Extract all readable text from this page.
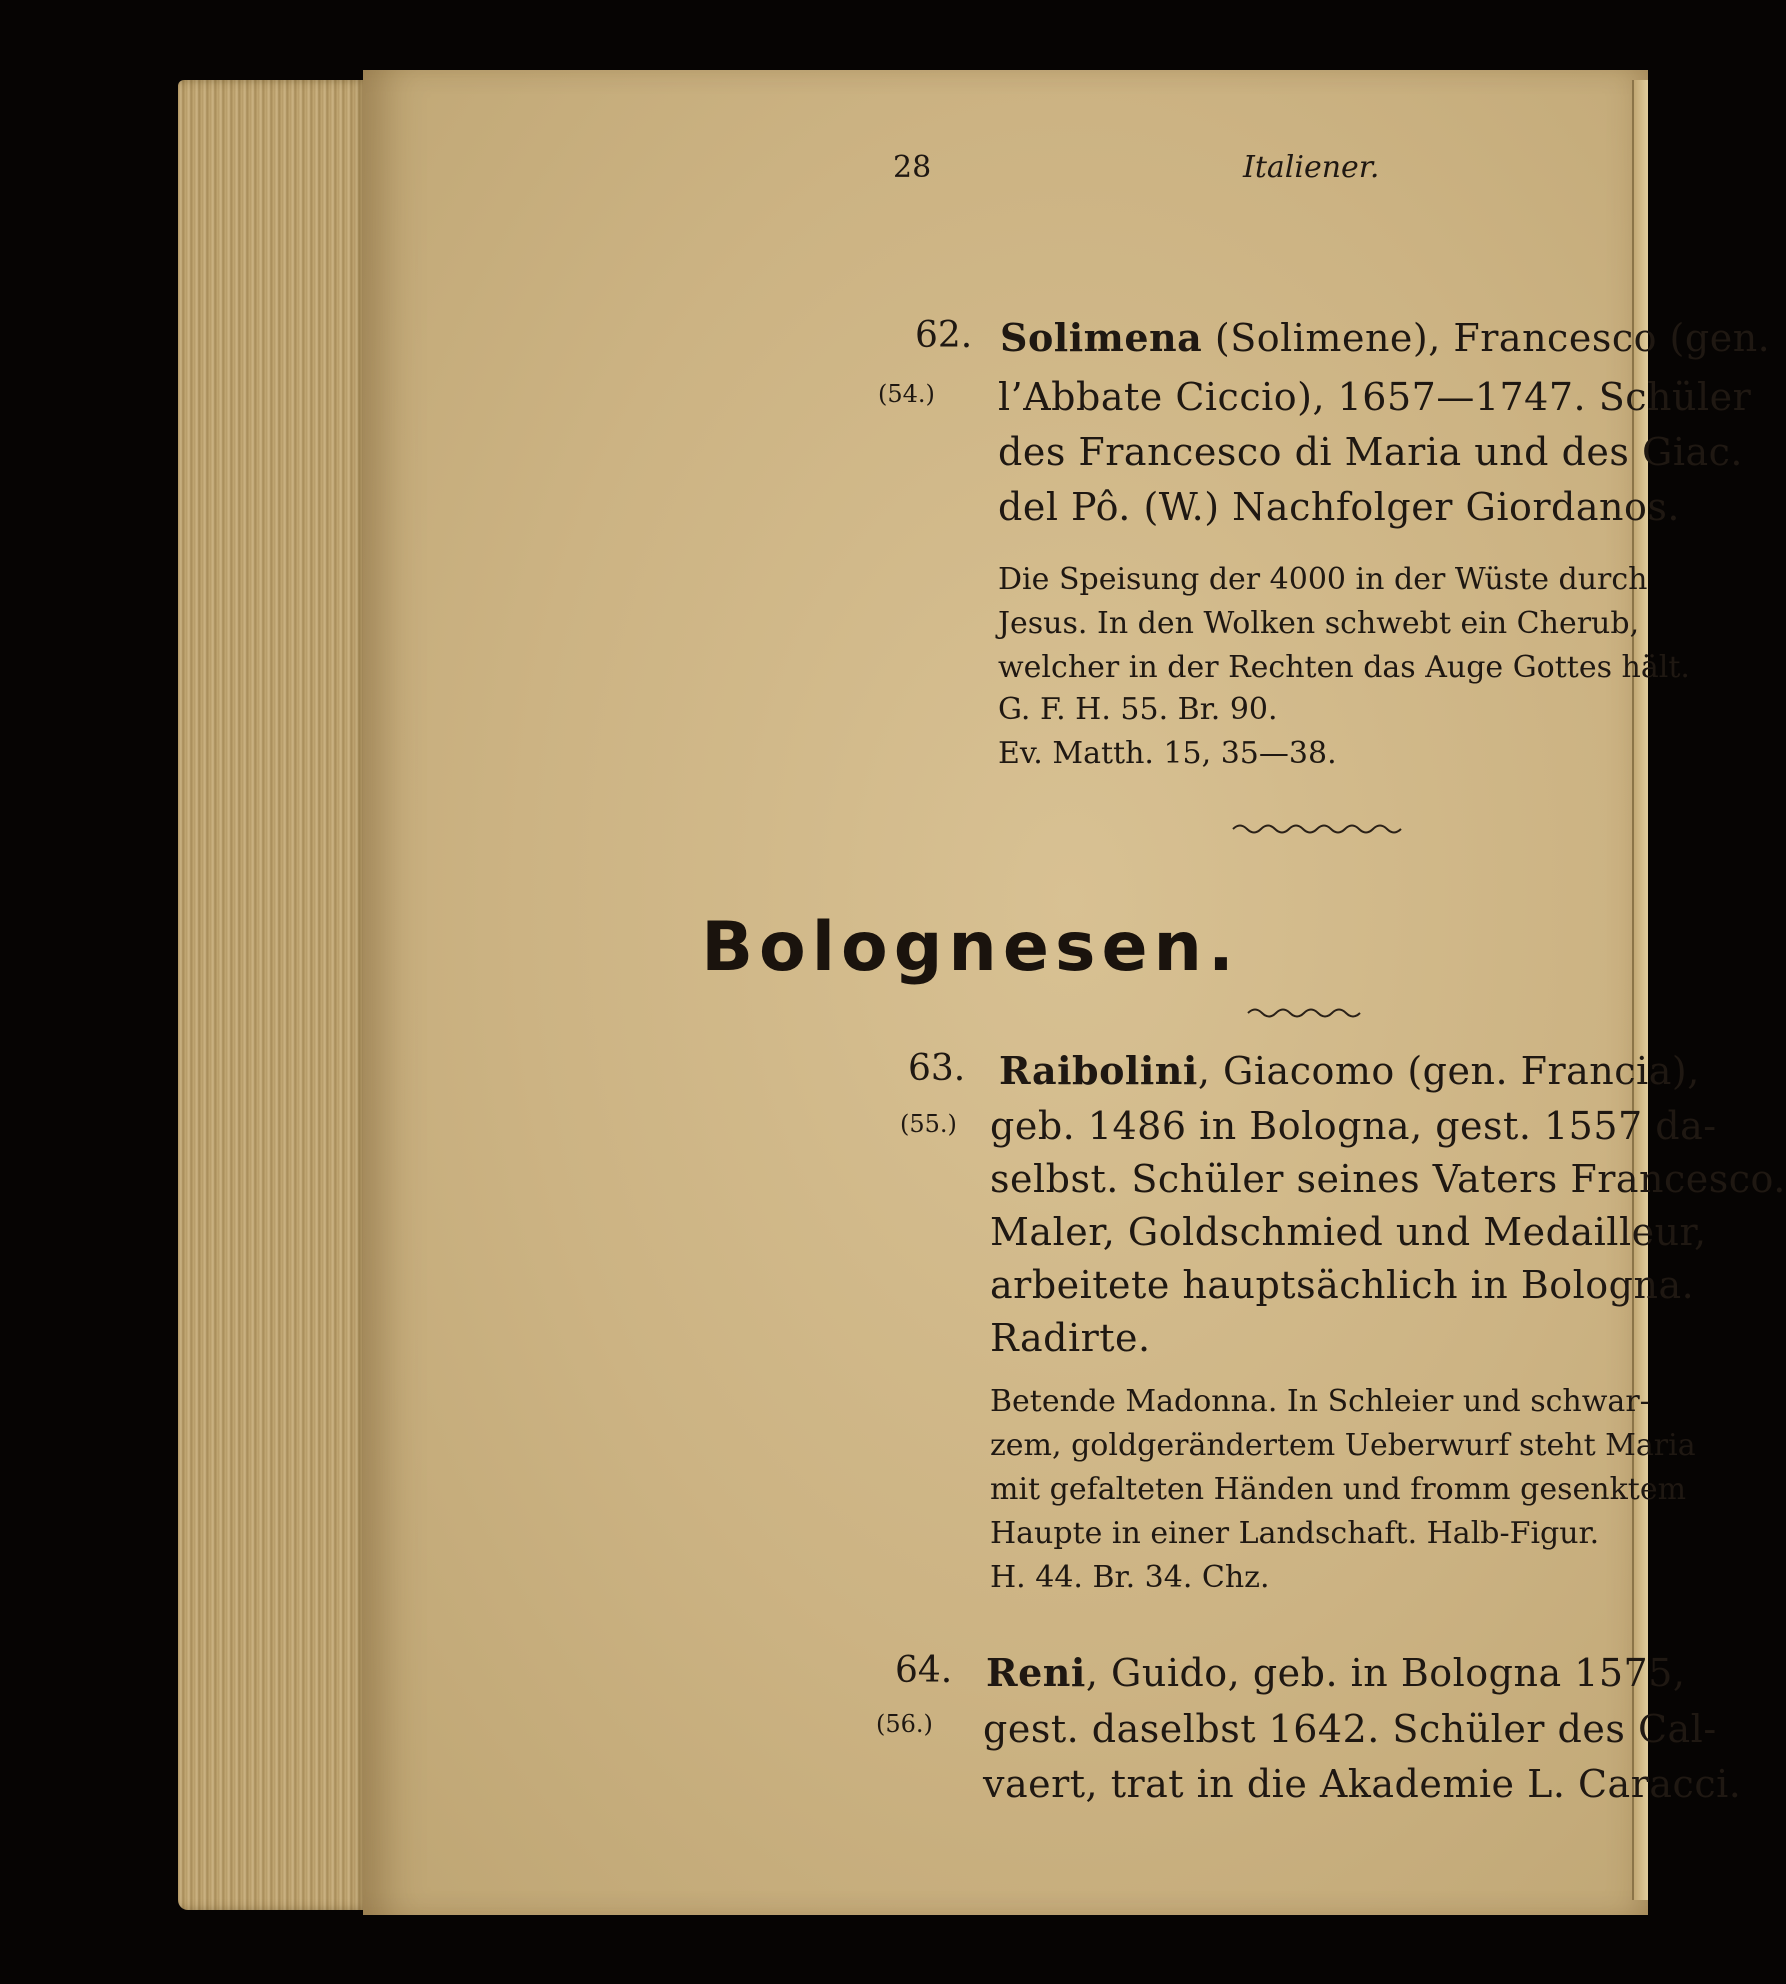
28	Italiener.
62.
(54.)
Solimena (Solimene), Francesco (gen.
l’Abbate Ciccio), 1657—1747. Schüler
des Francesco di Maria und des Giac.
del Pô. (W.) Nachfolger Giordanos.
Die Speisung der 4000 in der Wüste durch
Jesus. In den Wolken schwebt ein Cherub,
welcher in der Rechten das Auge Gottes hält.
G. F. H. 55. Br. 90.
Ev. Matth. 15, 35—38.
Bolognesen.
63.
(55.)
Raibolini, Giacomo (gen. Francia),
geb. 1486 in Bologna, gest. 1557 da-
selbst. Schüler seines Vaters Francesco.
Maler, Goldschmied und Medailleur,
arbeitete hauptsächlich in Bologna.
Radirte.
Betende Madonna. In Schleier und schwar-
zem, goldgerändertem Ueberwurf steht Maria
mit gefalteten Händen und fromm gesenktem
Haupte in einer Landschaft. Halb-Figur.
H. 44. Br. 34. Chz.
64.
(56.)
Reni, Guido, geb. in Bologna 1575,
gest. daselbst 1642. Schüler des Cal-
vaert, trat in die Akademie L. Caracci.
